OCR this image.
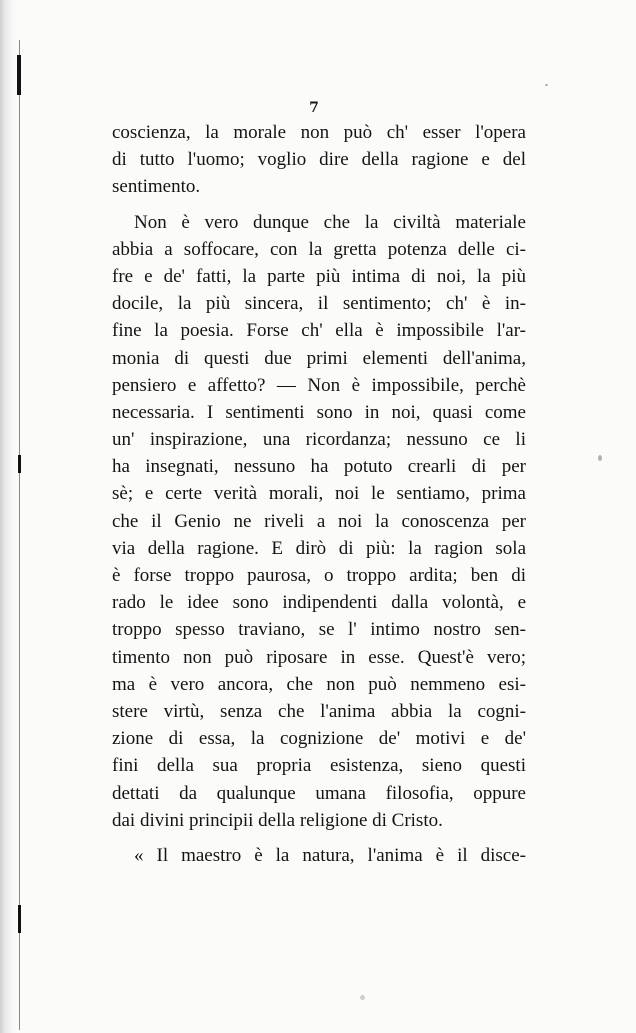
7
coscienza, la morale non può ch' esser l'opera
di tutto l'uomo; voglio dire della ragione e del
sentimento.
Non è vero dunque che la civiltà materiale
abbia a soffocare, con la gretta potenza delle ci-
fre e de' fatti, la parte più intima di noi, la più
docile, la più sincera, il sentimento; ch' è in-
fine la poesia. Forse ch' ella è impossibile l'ar-
monia di questi due primi elementi dell'anima,
pensiero e affetto? — Non è impossibile, perchè
necessaria. I sentimenti sono in noi, quasi come
un' inspirazione, una ricordanza; nessuno ce li
ha insegnati, nessuno ha potuto crearli di per
sè; e certe verità morali, noi le sentiamo, prima
che il Genio ne riveli a noi la conoscenza per
via della ragione. E dirò di più: la ragion sola
è forse troppo paurosa, o troppo ardita; ben di
rado le idee sono indipendenti dalla volontà, e
troppo spesso traviano, se l' intimo nostro sen-
timento non può riposare in esse. Quest'è vero;
ma è vero ancora, che non può nemmeno esi-
stere virtù, senza che l'anima abbia la cogni-
zione di essa, la cognizione de' motivi e de'
fini della sua propria esistenza, sieno questi
dettati da qualunque umana filosofia, oppure
dai divini principii della religione di Cristo.
« Il maestro è la natura, l'anima è il disce-
